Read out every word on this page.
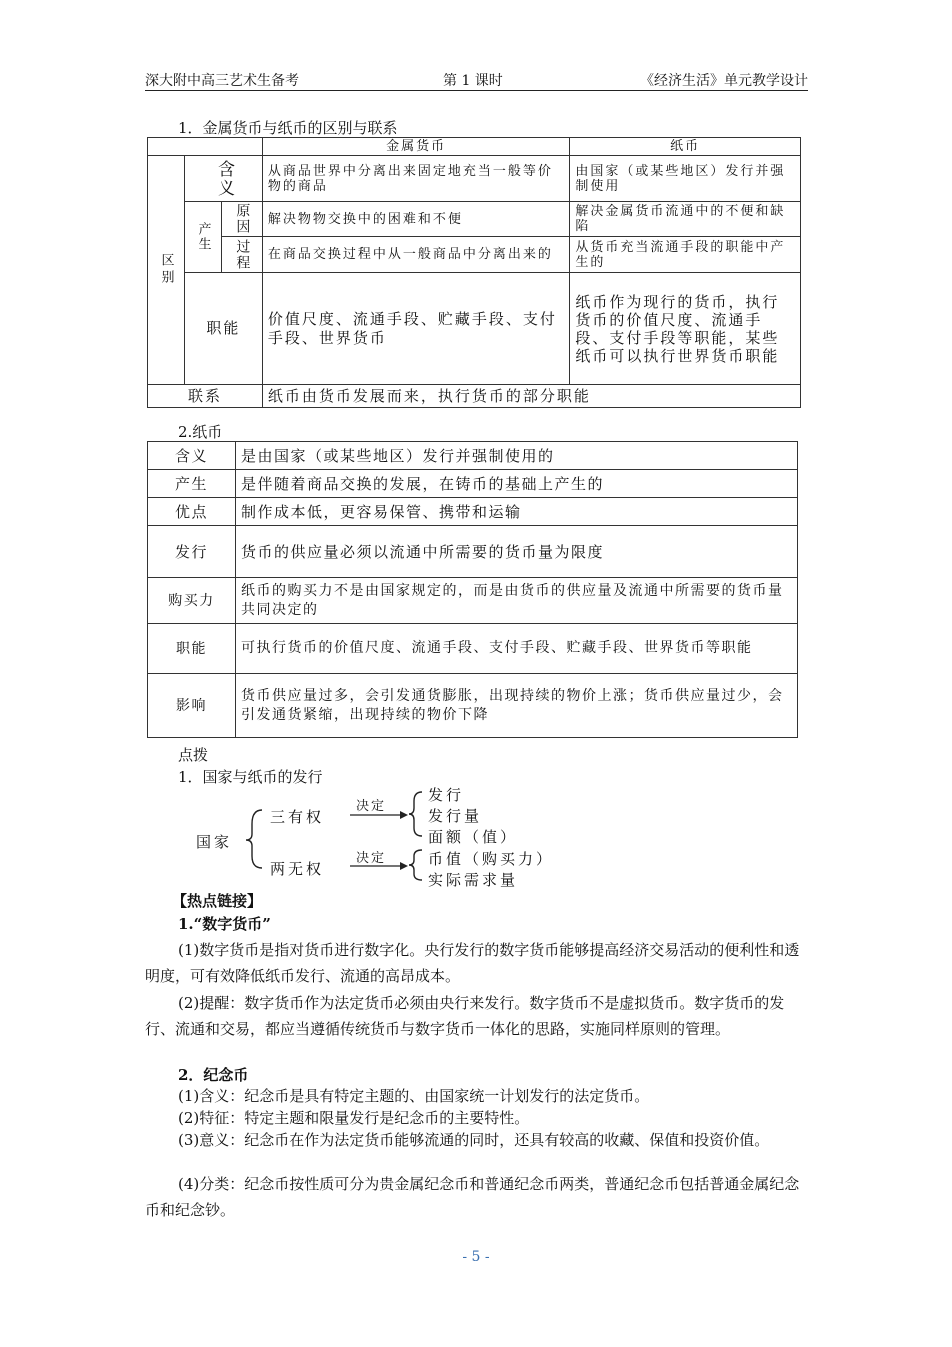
深大附中高三艺术生备考	第 1 课时	《经济生活》单元教学设计
1．金属货币与纸币的区别与联系
			金属货币	纸币
区别	含义		从商品世界中分离出来固定地充当一般等价物的商品	由国家（或某些地区）发行并强制使用
	产生	原因	解决物物交换中的困难和不便	解决金属货币流通中的不便和缺陷
		过程	在商品交换过程中从一般商品中分离出来的	从货币充当流通手段的职能中产生的
	职能		价值尺度、流通手段、贮藏手段、支付手段、世界货币	纸币作为现行的货币，执行货币的价值尺度、流通手段、支付手段等职能，某些纸币可以执行世界货币职能
联系			纸币由货币发展而来，执行货币的部分职能	
2.纸币
含义	是由国家（或某些地区）发行并强制使用的
产生	是伴随着商品交换的发展，在铸币的基础上产生的
优点	制作成本低，更容易保管、携带和运输
发行	货币的供应量必须以流通中所需要的货币量为限度
购买力	纸币的购买力不是由国家规定的，而是由货币的供应量及流通中所需要的货币量共同决定的
职能	可执行货币的价值尺度、流通手段、支付手段、贮藏手段、世界货币等职能
影响	货币供应量过多，会引发通货膨胀，出现持续的物价上涨；货币供应量过少，会引发通货紧缩，出现持续的物价下降
点拨
1．国家与纸币的发行
国家
三有权
两无权
决定
决定
发行
发行量
面额（值）
币值（购买力）
实际需求量
【热点链接】
1.“数字货币”
(1)数字货币是指对货币进行数字化。央行发行的数字货币能够提高经济交易活动的便利性和透明度，可有效降低纸币发行、流通的高昂成本。
(2)提醒：数字货币作为法定货币必须由央行来发行。数字货币不是虚拟货币。数字货币的发行、流通和交易，都应当遵循传统货币与数字货币一体化的思路，实施同样原则的管理。
2．纪念币
(1)含义：纪念币是具有特定主题的、由国家统一计划发行的法定货币。
(2)特征：特定主题和限量发行是纪念币的主要特性。
(3)意义：纪念币在作为法定货币能够流通的同时，还具有较高的收藏、保值和投资价值。
(4)分类：纪念币按性质可分为贵金属纪念币和普通纪念币两类，普通纪念币包括普通金属纪念币和纪念钞。
- 5 -
